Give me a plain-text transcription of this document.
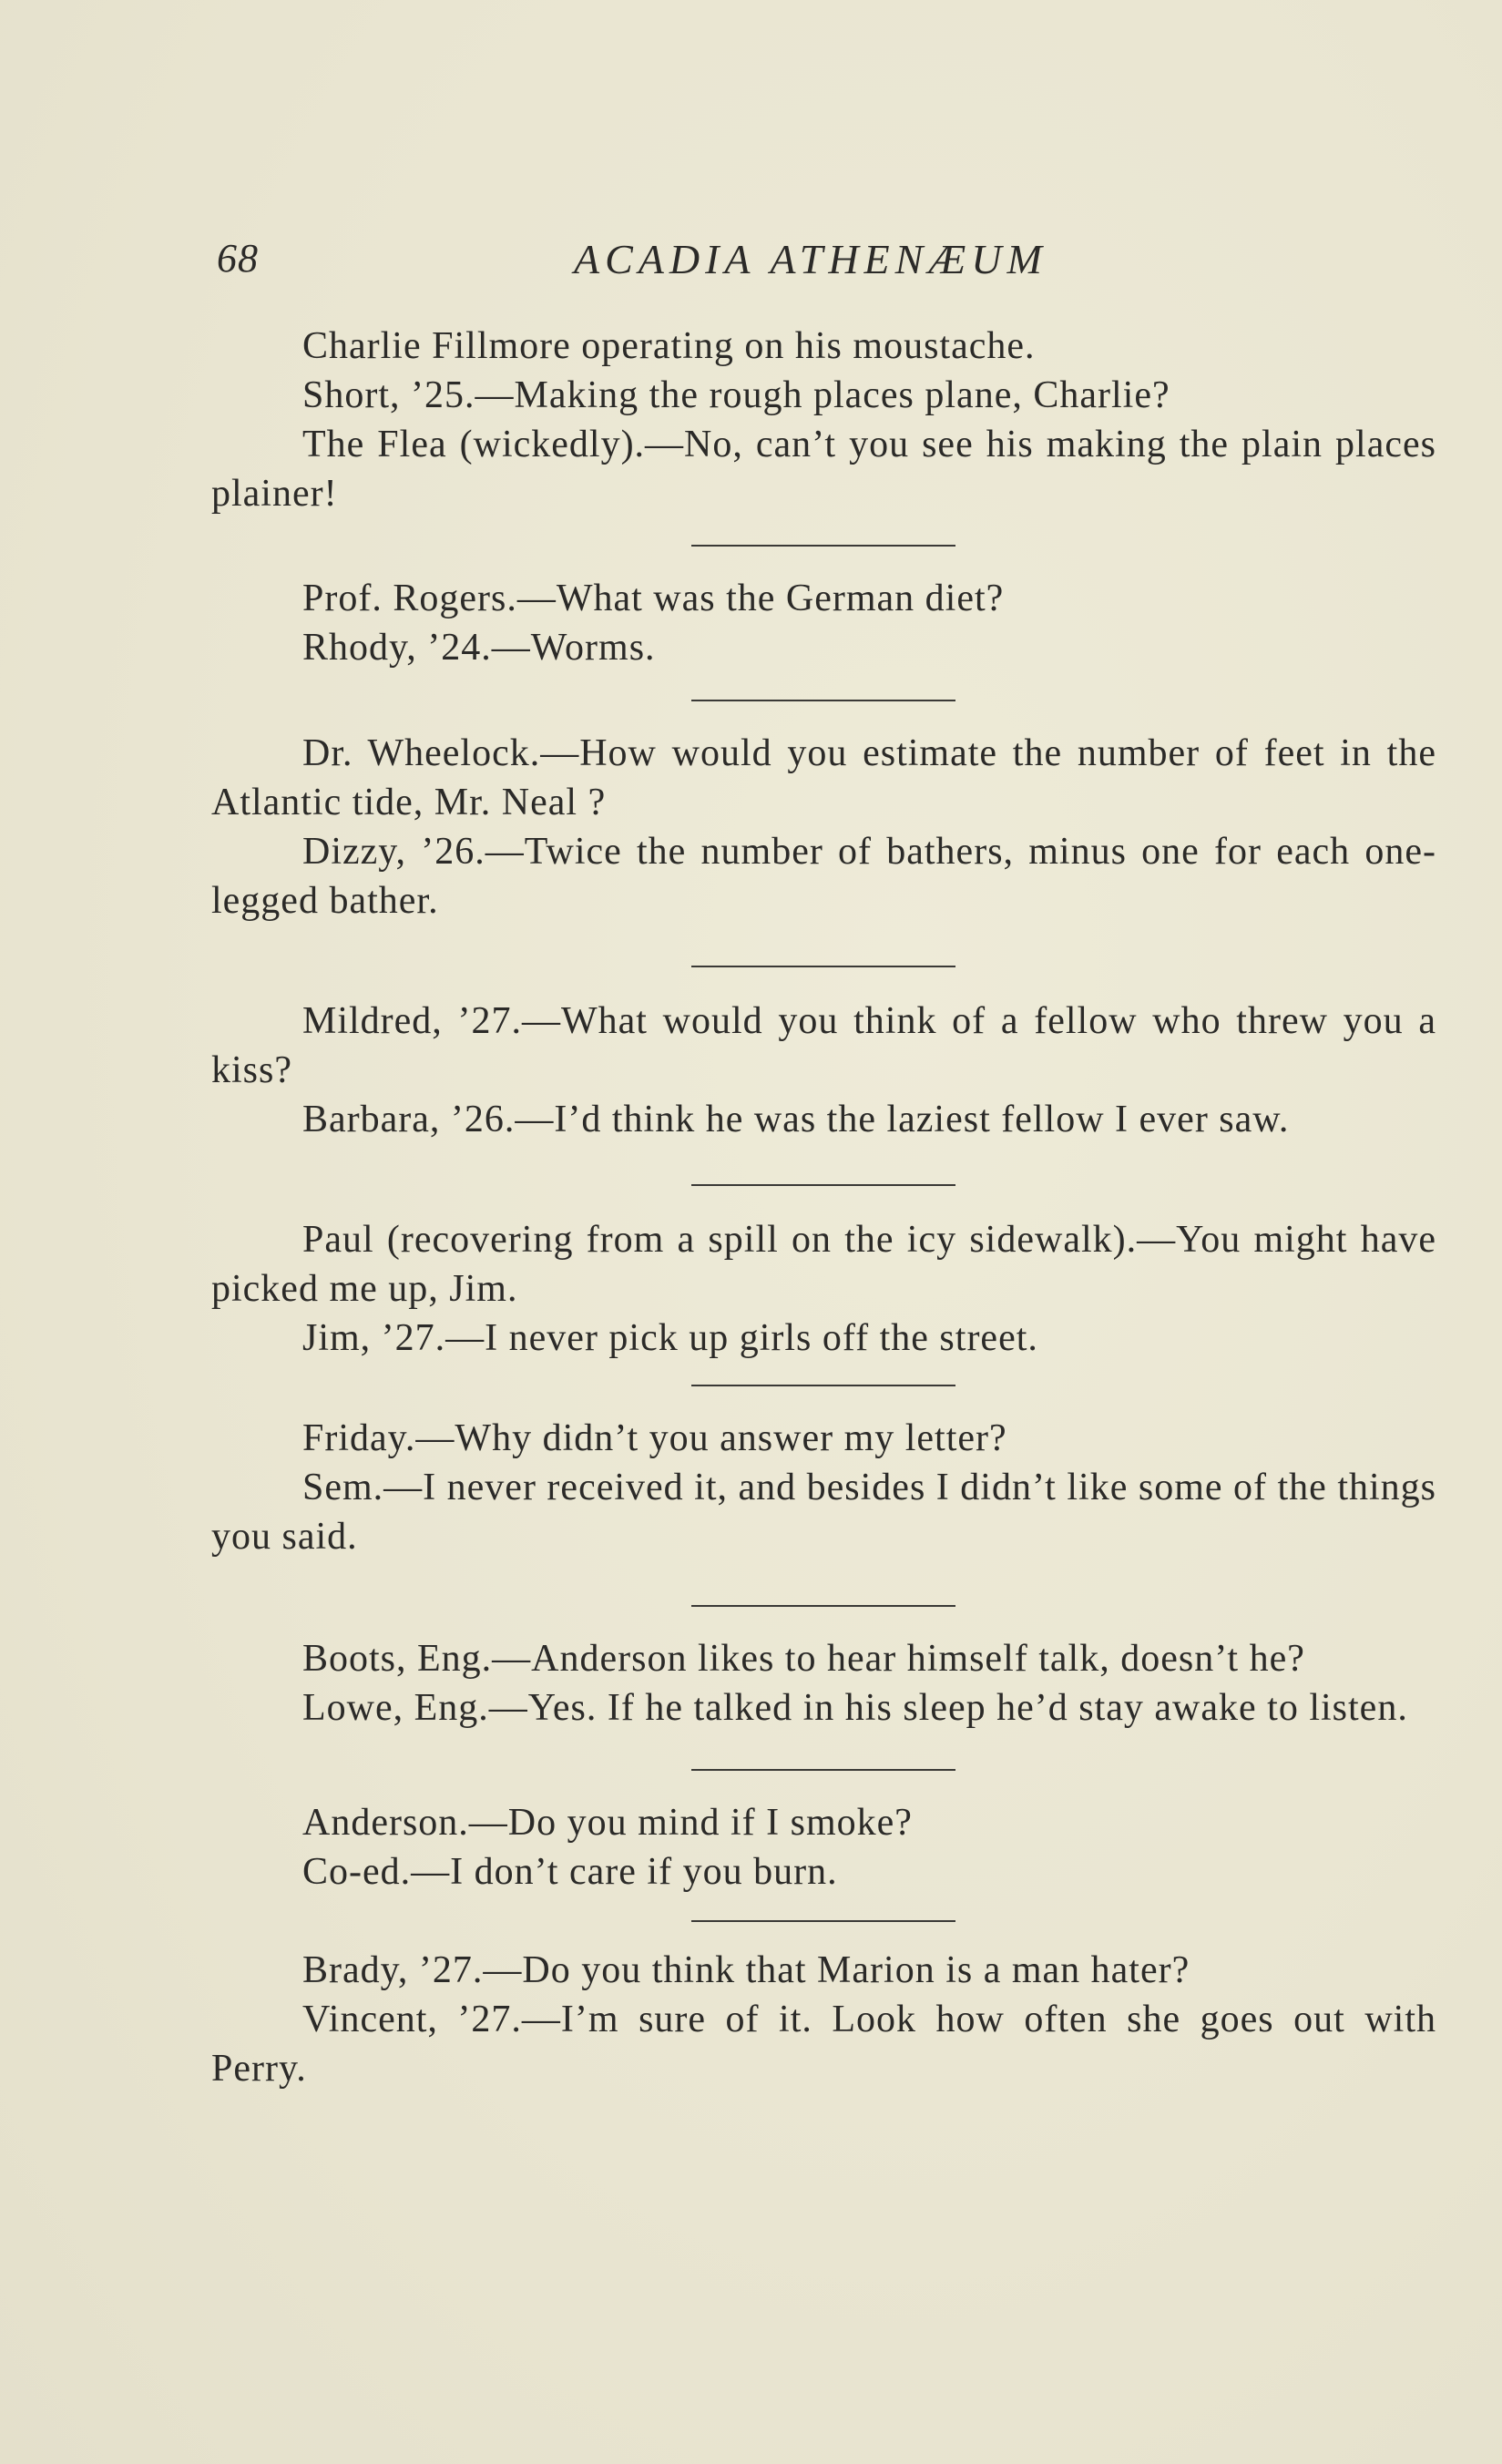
68	ACADIA ATHENÆUM

Charlie Fillmore operating on his moustache.

Short, ’25.—Making the rough places plane, Charlie?

The Flea (wickedly).—No, can’t you see his making the plain places plainer!

Prof. Rogers.—What was the German diet?

Rhody, ’24.—Worms.

Dr. Wheelock.—How would you estimate the number of feet in the Atlantic tide, Mr. Neal ?

Dizzy, ’26.—Twice the number of bathers, minus one for each one-legged bather.

Mildred, ’27.—What would you think of a fellow who threw you a kiss?

Barbara, ’26.—I’d think he was the laziest fellow I ever saw.

Paul (recovering from a spill on the icy sidewalk).—You might have picked me up, Jim.

Jim, ’27.—I never pick up girls off the street.

Friday.—Why didn’t you answer my letter?

Sem.—I never received it, and besides I didn’t like some of the things you said.

Boots, Eng.—Anderson likes to hear himself talk, doesn’t he?

Lowe, Eng.—Yes. If he talked in his sleep he’d stay awake to listen.

Anderson.—Do you mind if I smoke?

Co-ed.—I don’t care if you burn.

Brady, ’27.—Do you think that Marion is a man hater?

Vincent, ’27.—I’m sure of it. Look how often she goes out with Perry.
